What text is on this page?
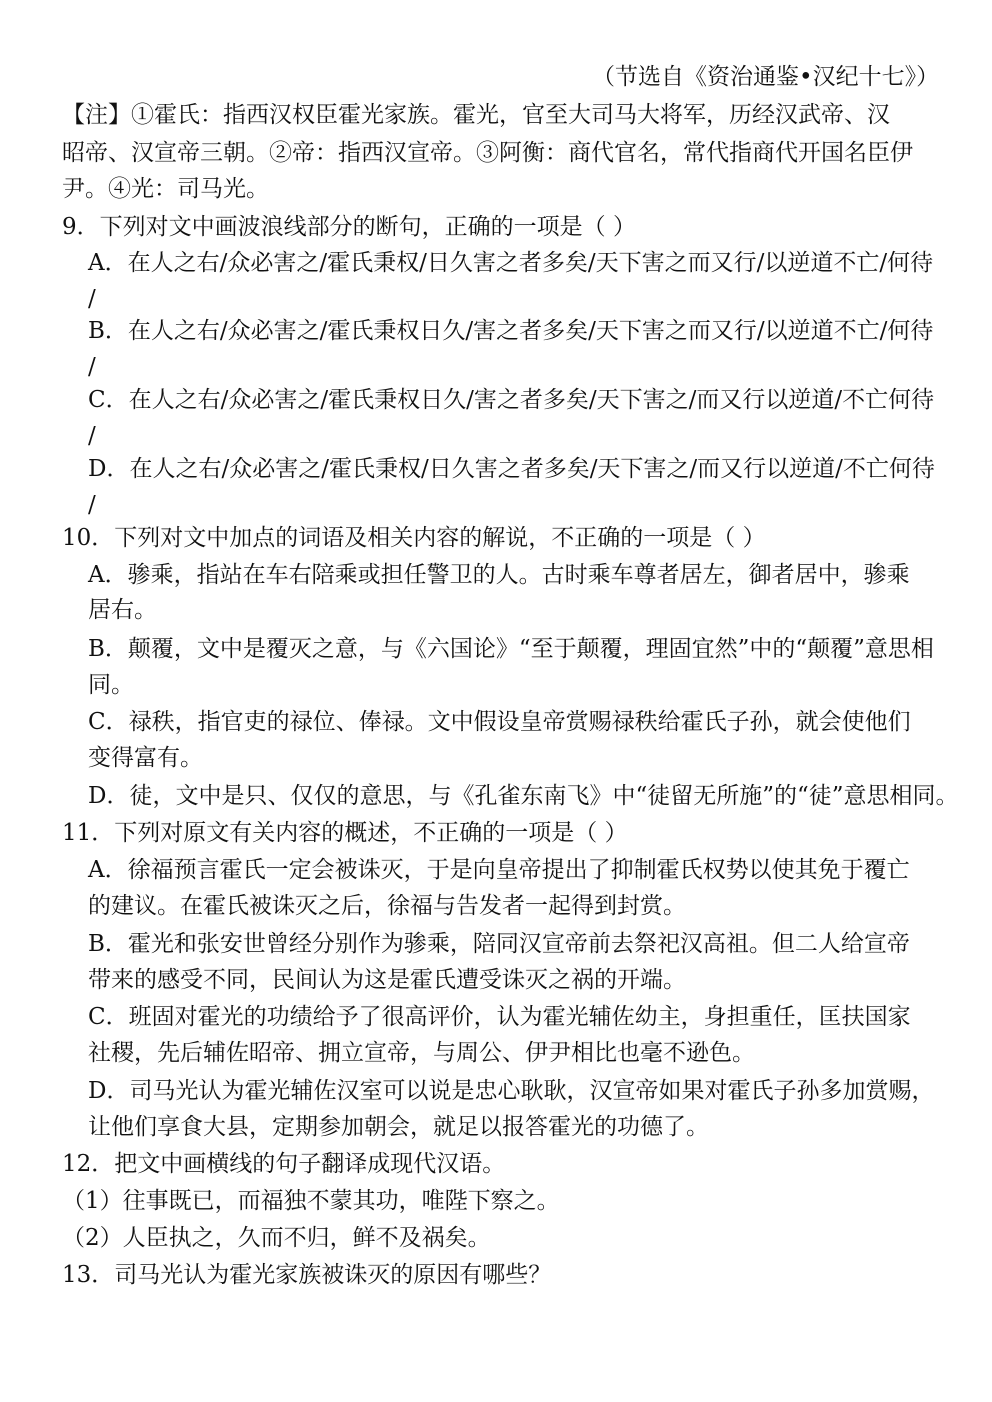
（节选自《资治通鉴•汉纪十七》）
【注】①霍氏：指西汉权臣霍光家族。霍光，官至大司马大将军，历经汉武帝、汉
昭帝、汉宣帝三朝。②帝：指西汉宣帝。③阿衡：商代官名，常代指商代开国名臣伊
尹。④光：司马光。
9．下列对文中画波浪线部分的断句，正确的一项是（ ）
A．在人之右/众必害之/霍氏秉权/日久害之者多矣/天下害之而又行/以逆道不亡/何待
/
B．在人之右/众必害之/霍氏秉权日久/害之者多矣/天下害之而又行/以逆道不亡/何待
/
C．在人之右/众必害之/霍氏秉权日久/害之者多矣/天下害之/而又行以逆道/不亡何待
/
D．在人之右/众必害之/霍氏秉权/日久害之者多矣/天下害之/而又行以逆道/不亡何待
/
10．下列对文中加点的词语及相关内容的解说，不正确的一项是（ ）
A．骖乘，指站在车右陪乘或担任警卫的人。古时乘车尊者居左，御者居中，骖乘
居右。
B．颠覆，文中是覆灭之意，与《六国论》“至于颠覆，理固宜然”中的“颠覆”意思相
同。
C．禄秩，指官吏的禄位、俸禄。文中假设皇帝赏赐禄秩给霍氏子孙，就会使他们
变得富有。
D．徒，文中是只、仅仅的意思，与《孔雀东南飞》中“徒留无所施”的“徒”意思相同。
11．下列对原文有关内容的概述，不正确的一项是（ ）
A．徐福预言霍氏一定会被诛灭，于是向皇帝提出了抑制霍氏权势以使其免于覆亡
的建议。在霍氏被诛灭之后，徐福与告发者一起得到封赏。
B．霍光和张安世曾经分别作为骖乘，陪同汉宣帝前去祭祀汉高祖。但二人给宣帝
带来的感受不同，民间认为这是霍氏遭受诛灭之祸的开端。
C．班固对霍光的功绩给予了很高评价，认为霍光辅佐幼主，身担重任，匡扶国家
社稷，先后辅佐昭帝、拥立宣帝，与周公、伊尹相比也毫不逊色。
D．司马光认为霍光辅佐汉室可以说是忠心耿耿，汉宣帝如果对霍氏子孙多加赏赐，
让他们享食大县，定期参加朝会，就足以报答霍光的功德了。
12．把文中画横线的句子翻译成现代汉语。
（1）往事既已，而福独不蒙其功，唯陛下察之。
（2）人臣执之，久而不归，鲜不及祸矣。
13．司马光认为霍光家族被诛灭的原因有哪些？
